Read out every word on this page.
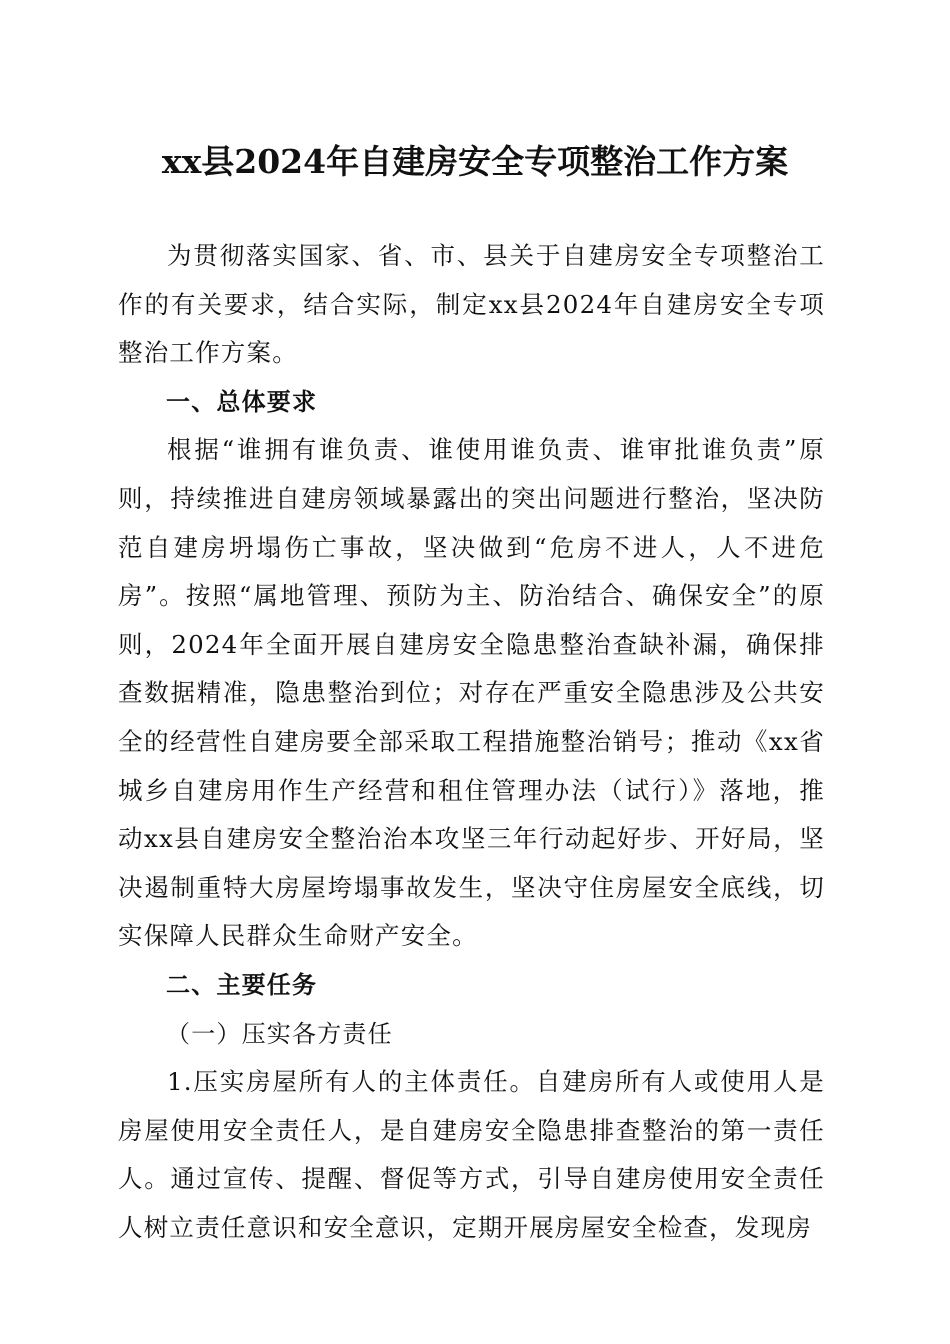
xx县2024年自建房安全专项整治工作方案

为贯彻落实国家、省、市、县关于自建房安全专项整治工作的有关要求，结合实际，制定xx县2024年自建房安全专项整治工作方案。

一、总体要求

根据“谁拥有谁负责、谁使用谁负责、谁审批谁负责”原则，持续推进自建房领域暴露出的突出问题进行整治，坚决防范自建房坍塌伤亡事故，坚决做到“危房不进人，人不进危房”。按照“属地管理、预防为主、防治结合、确保安全”的原则，2024年全面开展自建房安全隐患整治查缺补漏，确保排查数据精准，隐患整治到位；对存在严重安全隐患涉及公共安全的经营性自建房要全部采取工程措施整治销号；推动《xx省城乡自建房用作生产经营和租住管理办法（试行）》落地，推动xx县自建房安全整治治本攻坚三年行动起好步、开好局，坚决遏制重特大房屋垮塌事故发生，坚决守住房屋安全底线，切实保障人民群众生命财产安全。

二、主要任务

（一）压实各方责任

1.压实房屋所有人的主体责任。自建房所有人或使用人是房屋使用安全责任人，是自建房安全隐患排查整治的第一责任人。通过宣传、提醒、督促等方式，引导自建房使用安全责任人树立责任意识和安全意识，定期开展房屋安全检查，发现房
